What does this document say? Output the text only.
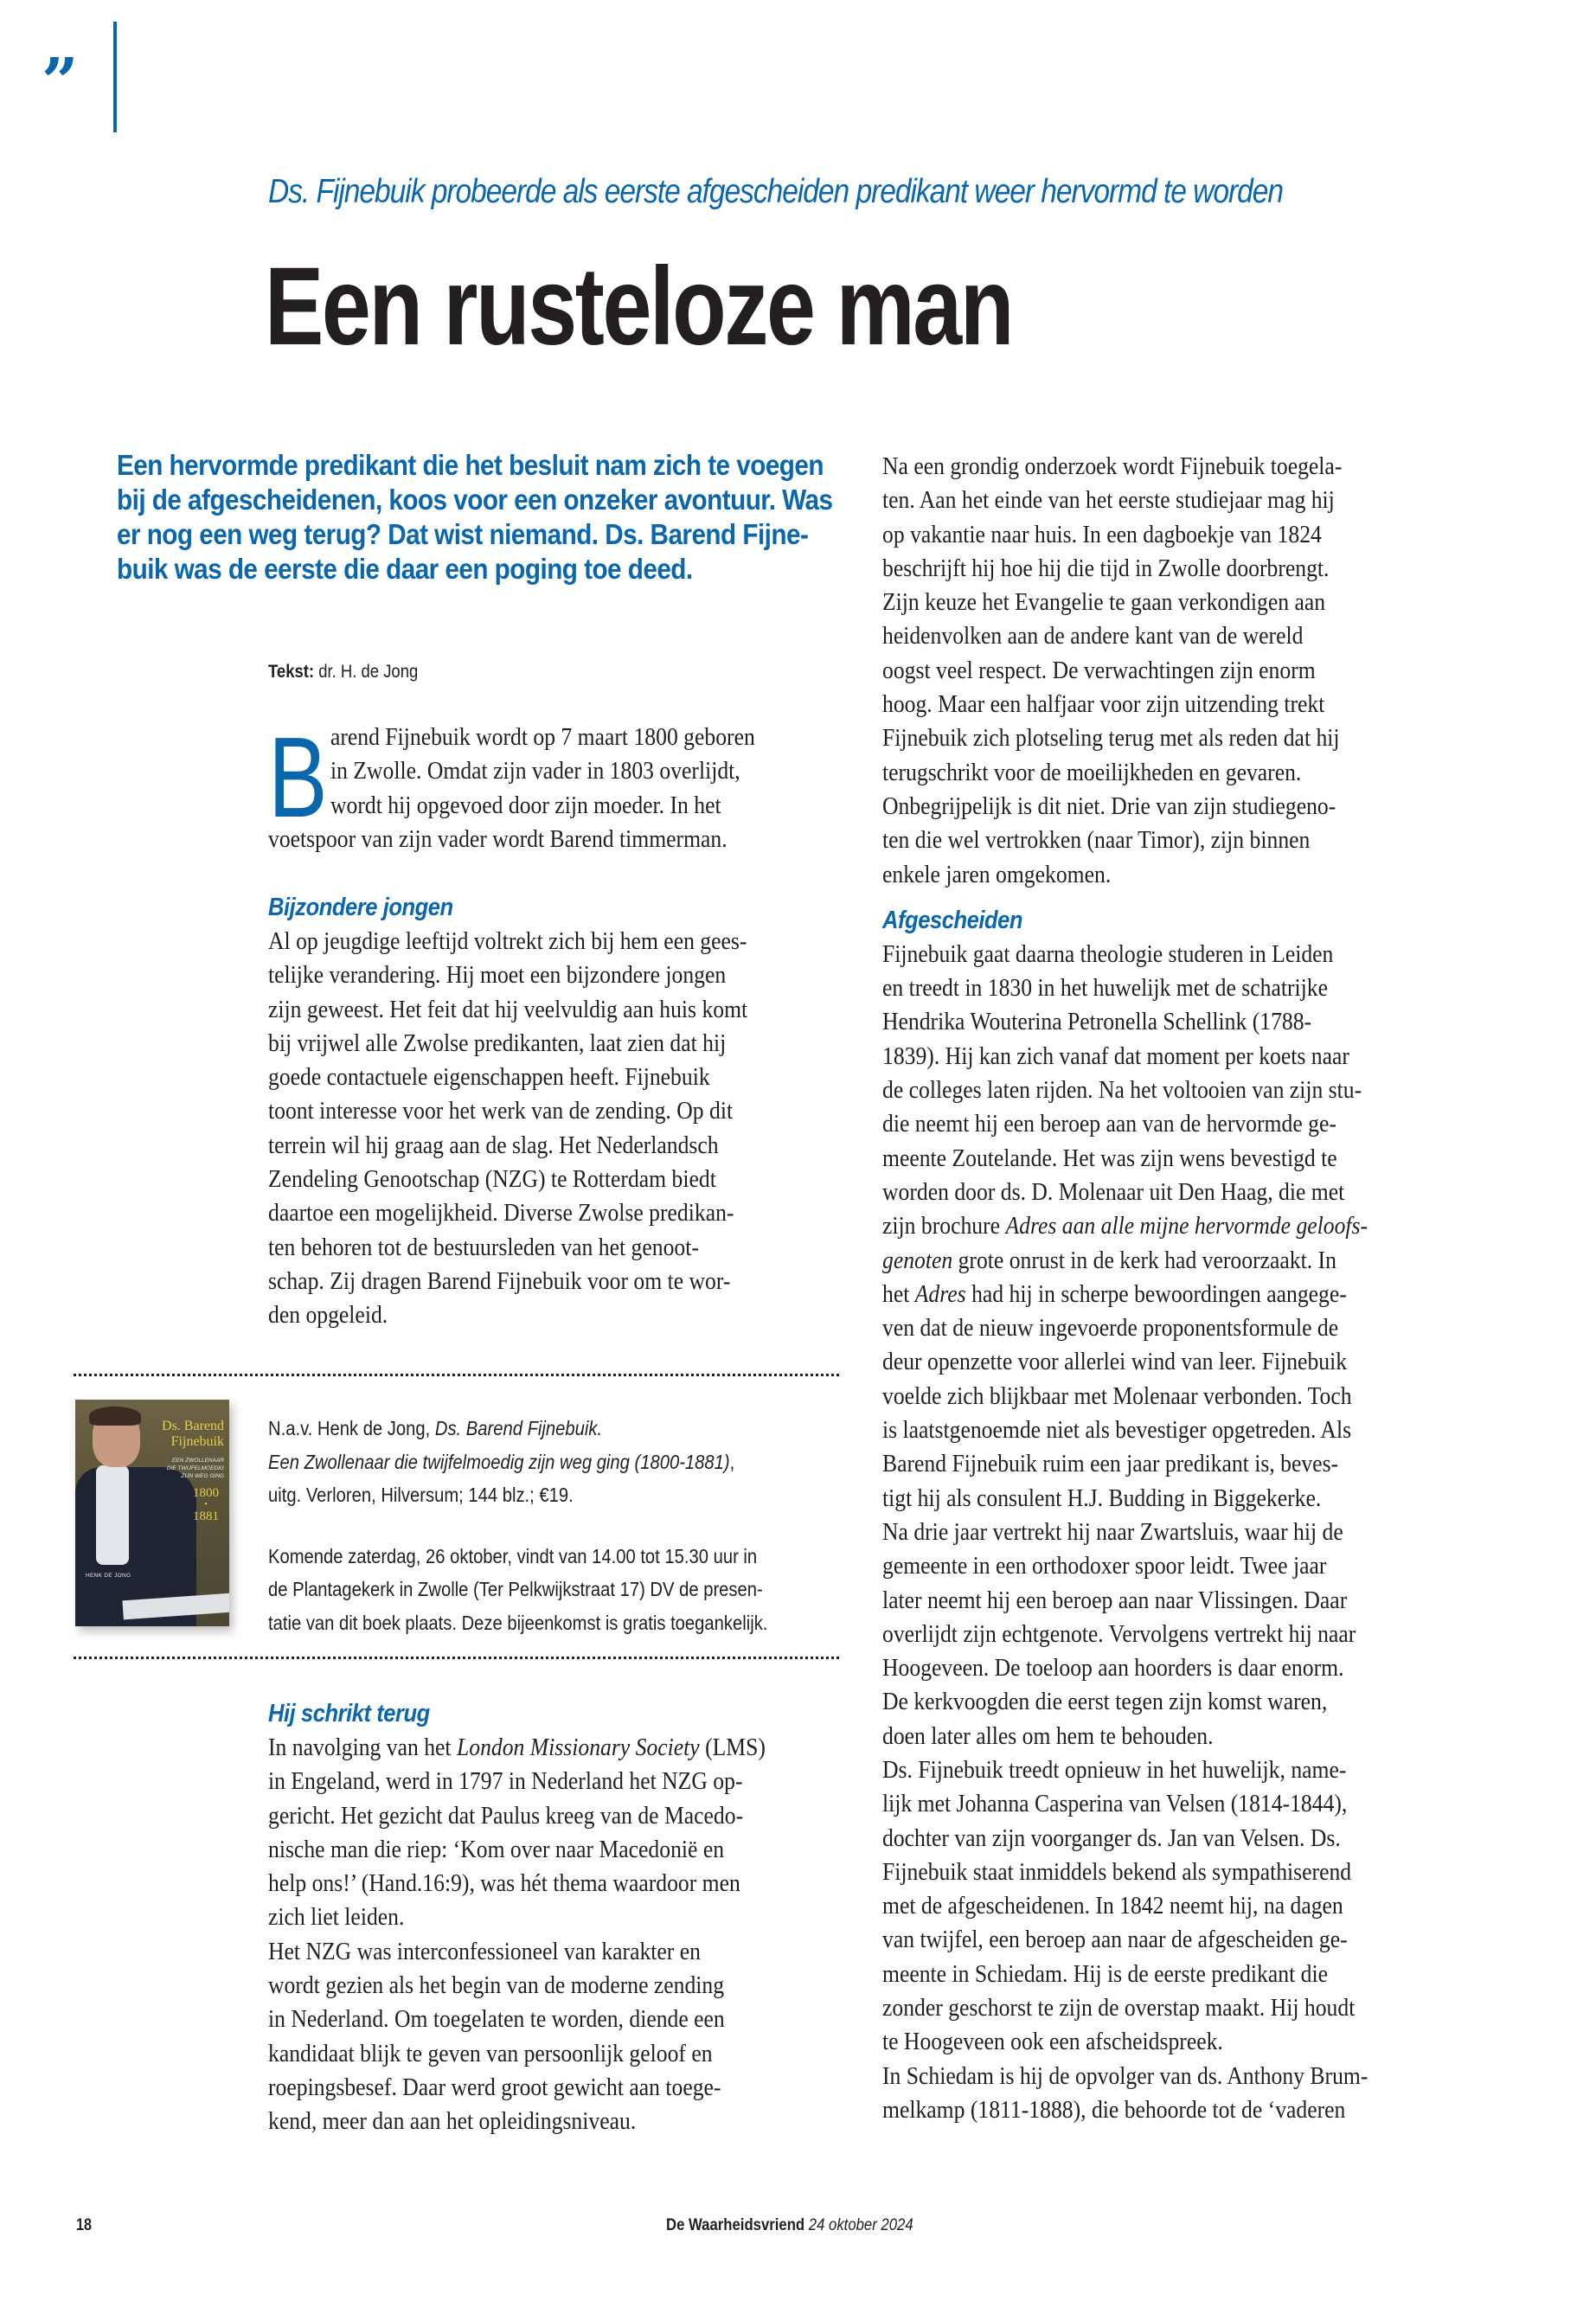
”
Ds. Fijnebuik probeerde als eerste afgescheiden predikant weer hervormd te worden
Een rusteloze man
Een hervormde predikant die het besluit nam zich te voegen
bij de afgescheidenen, koos voor een onzeker avontuur. Was
er nog een weg terug? Dat wist niemand. Ds. Barend Fijne-
buik was de eerste die daar een poging toe deed.
Tekst: dr. H. de Jong
B arend Fijnebuik wordt op 7 maart 1800 geboren
in Zwolle. Omdat zijn vader in 1803 overlijdt,
wordt hij opgevoed door zijn moeder. In het
voetspoor van zijn vader wordt Barend timmerman.
Bijzondere jongen
Al op jeugdige leeftijd voltrekt zich bij hem een gees-
telijke verandering. Hij moet een bijzondere jongen
zijn geweest. Het feit dat hij veelvuldig aan huis komt
bij vrijwel alle Zwolse predikanten, laat zien dat hij
goede contactuele eigenschappen heeft. Fijnebuik
toont interesse voor het werk van de zending. Op dit
terrein wil hij graag aan de slag. Het Nederlandsch
Zendeling Genootschap (NZG) te Rotterdam biedt
daartoe een mogelijkheid. Diverse Zwolse predikan-
ten behoren tot de bestuursleden van het genoot-
schap. Zij dragen Barend Fijnebuik voor om te wor-
den opgeleid.
Ds. Barend
Fijnebuik
EEN ZWOLLENAAR
DIE TWIJFELMOEDIG
ZIJN WEG GING
1800
•
1881
HENK DE JONG
N.a.v. Henk de Jong, Ds. Barend Fijnebuik.
Een Zwollenaar die twijfelmoedig zijn weg ging (1800-1881),
uitg. Verloren, Hilversum; 144 blz.; €19.
Komende zaterdag, 26 oktober, vindt van 14.00 tot 15.30 uur in
de Plantagekerk in Zwolle (Ter Pelkwijkstraat 17) DV de presen-
tatie van dit boek plaats. Deze bijeenkomst is gratis toegankelijk.
Hij schrikt terug
In navolging van het London Missionary Society (LMS)
in Engeland, werd in 1797 in Nederland het NZG op-
gericht. Het gezicht dat Paulus kreeg van de Macedo-
nische man die riep: ‘Kom over naar Macedonië en
help ons!’ (Hand.16:9), was hét thema waardoor men
zich liet leiden.
Het NZG was interconfessioneel van karakter en
wordt gezien als het begin van de moderne zending
in Nederland. Om toegelaten te worden, diende een
kandidaat blijk te geven van persoonlijk geloof en
roepingsbesef. Daar werd groot gewicht aan toege-
kend, meer dan aan het opleidingsniveau.
Na een grondig onderzoek wordt Fijnebuik toegela-
ten. Aan het einde van het eerste studiejaar mag hij
op vakantie naar huis. In een dagboekje van 1824
beschrijft hij hoe hij die tijd in Zwolle doorbrengt.
Zijn keuze het Evangelie te gaan verkondigen aan
heidenvolken aan de andere kant van de wereld
oogst veel respect. De verwachtingen zijn enorm
hoog. Maar een halfjaar voor zijn uitzending trekt
Fijnebuik zich plotseling terug met als reden dat hij
terugschrikt voor de moeilijkheden en gevaren.
Onbegrijpelijk is dit niet. Drie van zijn studiegeno-
ten die wel vertrokken (naar Timor), zijn binnen
enkele jaren omgekomen.
Afgescheiden
Fijnebuik gaat daarna theologie studeren in Leiden
en treedt in 1830 in het huwelijk met de schatrijke
Hendrika Wouterina Petronella Schellink (1788-
1839). Hij kan zich vanaf dat moment per koets naar
de colleges laten rijden. Na het voltooien van zijn stu-
die neemt hij een beroep aan van de hervormde ge-
meente Zoutelande. Het was zijn wens bevestigd te
worden door ds. D. Molenaar uit Den Haag, die met
zijn brochure Adres aan alle mijne hervormde geloofs-
genoten grote onrust in de kerk had veroorzaakt. In
het Adres had hij in scherpe bewoordingen aangege-
ven dat de nieuw ingevoerde proponentsformule de
deur openzette voor allerlei wind van leer. Fijnebuik
voelde zich blijkbaar met Molenaar verbonden. Toch
is laatstgenoemde niet als bevestiger opgetreden. Als
Barend Fijnebuik ruim een jaar predikant is, beves-
tigt hij als consulent H.J. Budding in Biggekerke.
Na drie jaar vertrekt hij naar Zwartsluis, waar hij de
gemeente in een orthodoxer spoor leidt. Twee jaar
later neemt hij een beroep aan naar Vlissingen. Daar
overlijdt zijn echtgenote. Vervolgens vertrekt hij naar
Hoogeveen. De toeloop aan hoorders is daar enorm.
De kerkvoogden die eerst tegen zijn komst waren,
doen later alles om hem te behouden.
Ds. Fijnebuik treedt opnieuw in het huwelijk, name-
lijk met Johanna Casperina van Velsen (1814-1844),
dochter van zijn voorganger ds. Jan van Velsen. Ds.
Fijnebuik staat inmiddels bekend als sympathiserend
met de afgescheidenen. In 1842 neemt hij, na dagen
van twijfel, een beroep aan naar de afgescheiden ge-
meente in Schiedam. Hij is de eerste predikant die
zonder geschorst te zijn de overstap maakt. Hij houdt
te Hoogeveen ook een afscheidspreek.
In Schiedam is hij de opvolger van ds. Anthony Brum-
melkamp (1811-1888), die behoorde tot de ‘vaderen
18	De Waarheidsvriend 24 oktober 2024
